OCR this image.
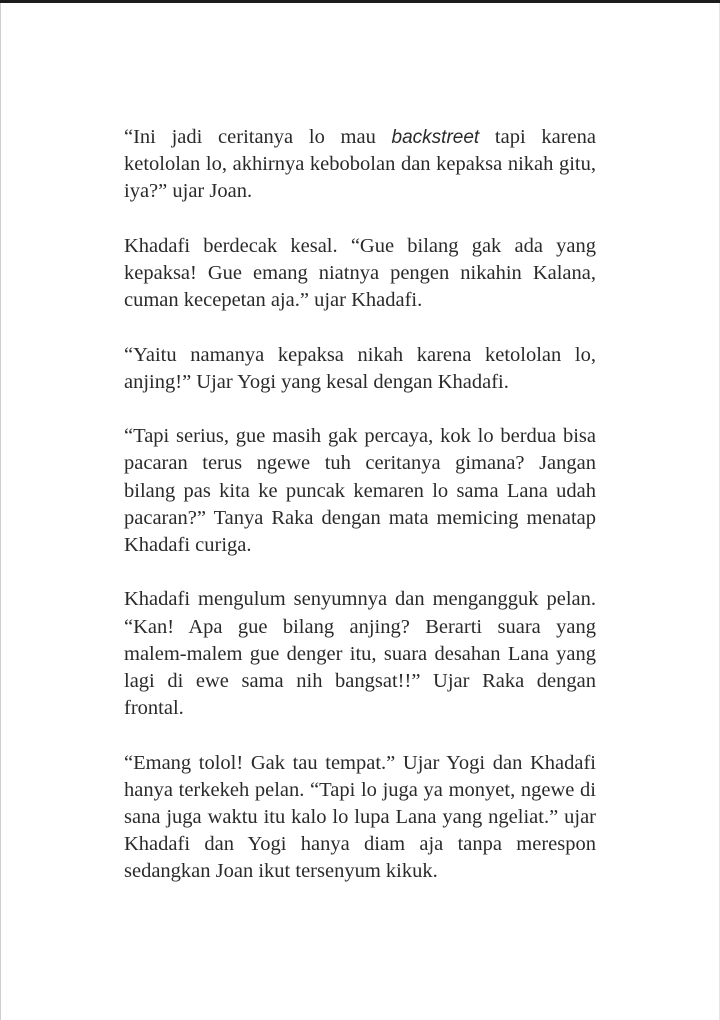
“Ini jadi ceritanya lo mau backstreet tapi karena
ketololan lo, akhirnya kebobolan dan kepaksa nikah gitu,
iya?” ujar Joan.

Khadafi berdecak kesal. “Gue bilang gak ada yang
kepaksa! Gue emang niatnya pengen nikahin Kalana,
cuman kecepetan aja.” ujar Khadafi.

“Yaitu namanya kepaksa nikah karena ketololan lo,
anjing!” Ujar Yogi yang kesal dengan Khadafi.

“Tapi serius, gue masih gak percaya, kok lo berdua bisa
pacaran terus ngewe tuh ceritanya gimana? Jangan
bilang pas kita ke puncak kemaren lo sama Lana udah
pacaran?” Tanya Raka dengan mata memicing menatap
Khadafi curiga.

Khadafi mengulum senyumnya dan mengangguk pelan.
“Kan! Apa gue bilang anjing? Berarti suara yang
malem-malem gue denger itu, suara desahan Lana yang
lagi di ewe sama nih bangsat!!” Ujar Raka dengan
frontal.

“Emang tolol! Gak tau tempat.” Ujar Yogi dan Khadafi
hanya terkekeh pelan. “Tapi lo juga ya monyet, ngewe di
sana juga waktu itu kalo lo lupa Lana yang ngeliat.” ujar
Khadafi dan Yogi hanya diam aja tanpa merespon
sedangkan Joan ikut tersenyum kikuk.
